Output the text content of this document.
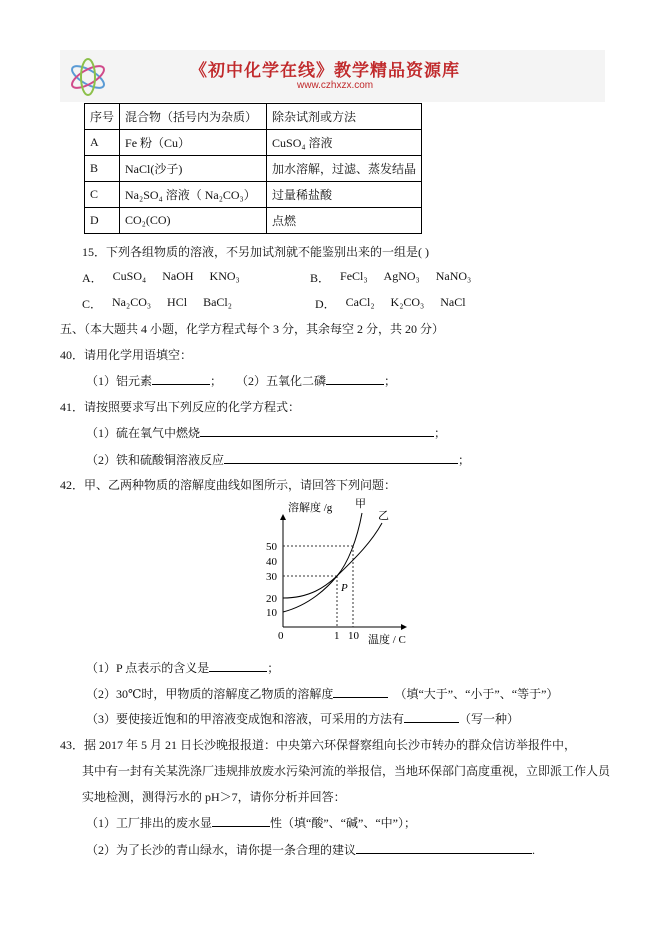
《初中化学在线》教学精品资源库
www.czhxzx.com
序号	混合物（括号内为杂质）	除杂试剂或方法
A	Fe 粉（Cu）	CuSO₄ 溶液
B	NaCl(沙子)	加水溶解，过滤、蒸发结晶
C	Na₂SO₄ 溶液（ Na₂CO₃）	过量稀盐酸
D	CO₂(CO)	点燃
15．下列各组物质的溶液，不另加试剂就不能鉴别出来的一组是( )
A． CuSO₄ NaOH KNO₃	B． FeCl₃ AgNO₃ NaNO₃
C． Na₂CO₃ HCl BaCl₂	D． CaCl₂ K₂CO₃ NaCl
五、（本大题共 4 小题，化学方程式每个 3 分，其余每空 2 分，共 20 分）
40．请用化学用语填空：
（1）铝元素	； （2）五氧化二磷	；
41．请按照要求写出下列反应的化学方程式：
（1）硫在氧气中燃烧	；
（2）铁和硫酸铜溶液反应	；
42．甲、乙两种物质的溶解度曲线如图所示，请回答下列问题：
溶解度 /g
温度 / C
50
40
30
20
10
0	1 10
甲
乙
P
（1）P 点表示的含义是	；
（2）30℃时，甲物质的溶解度乙物质的溶解度	（填“大于”、“小于”、“等于”）
（3）要使接近饱和的甲溶液变成饱和溶液，可采用的方法有	（写一种）
43．据 2017 年 5 月 21 日长沙晚报报道：中央第六环保督察组向长沙市转办的群众信访举报件中，
其中有一封有关某洗涤厂违规排放废水污染河流的举报信，当地环保部门高度重视，立即派工作人员
实地检测，测得污水的 pH＞7，请你分析并回答：
（1）工厂排出的废水显	性（填“酸”、“碱”、“中”）；
（2）为了长沙的青山绿水，请你提一条合理的建议	.
